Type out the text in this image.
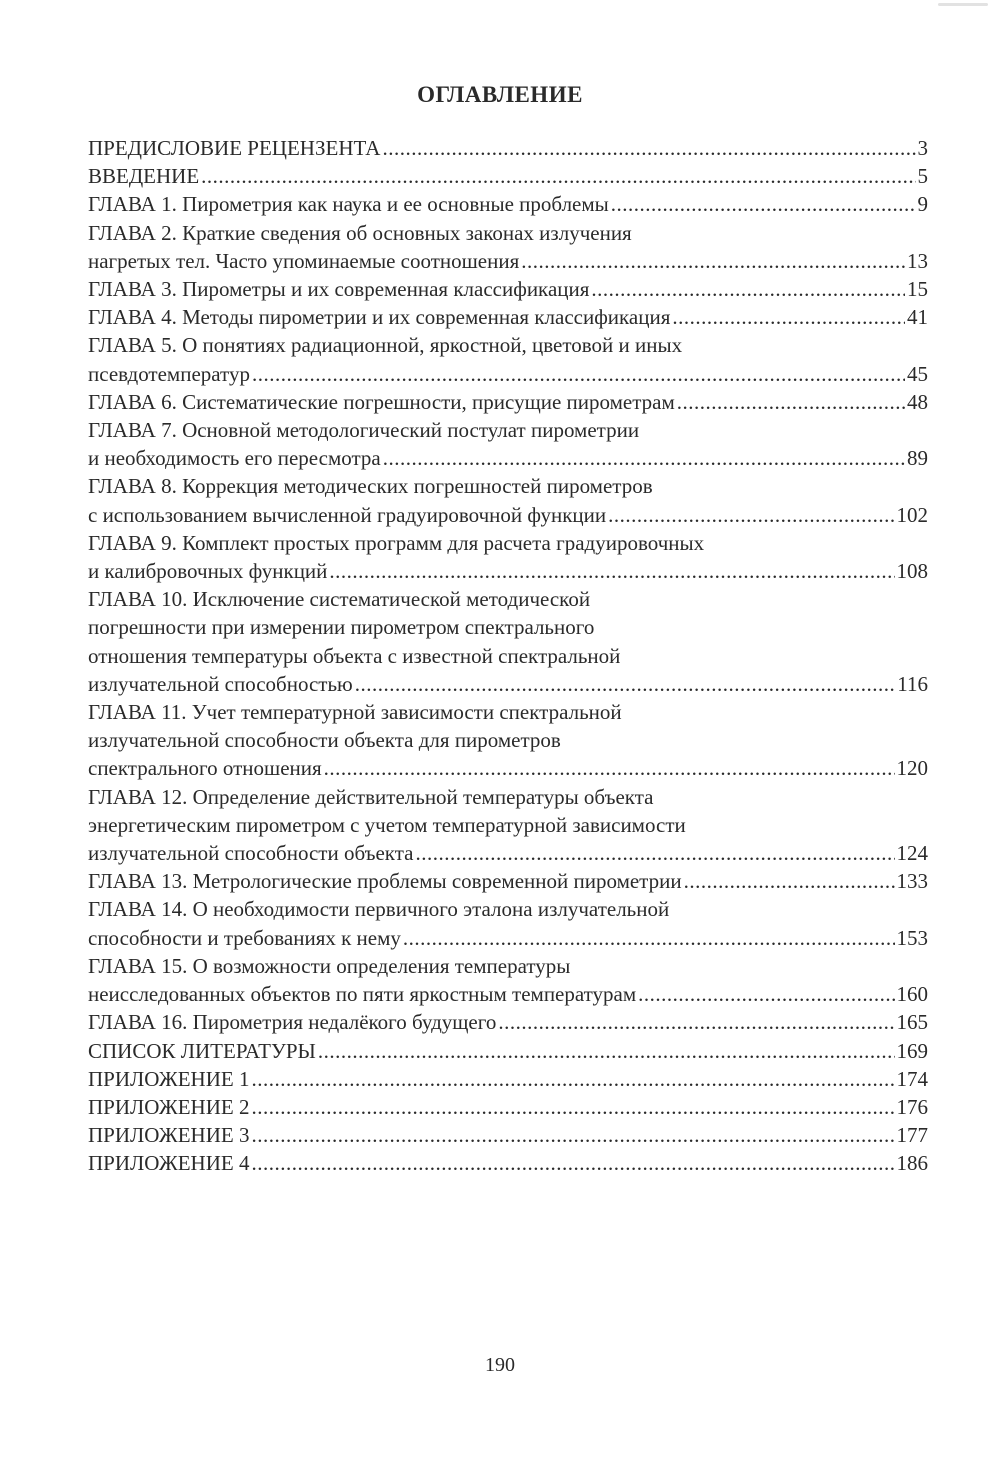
ОГЛАВЛЕНИЕ
ПРЕДИСЛОВИЕ РЕЦЕНЗЕНТА .....	3
ВВЕДЕНИЕ .....	5
ГЛАВА 1. Пирометрия как наука и ее основные проблемы .....	9
ГЛАВА 2. Краткие сведения об основных законах излучения
нагретых тел. Часто упоминаемые соотношения .....	13
ГЛАВА 3. Пирометры и их современная классификация .....	15
ГЛАВА 4. Методы пирометрии и их современная классификация .....	41
ГЛАВА 5. О понятиях радиационной, яркостной, цветовой и иных
псевдотемператур .....	45
ГЛАВА 6. Систематические погрешности, присущие пирометрам .....	48
ГЛАВА 7. Основной методологический постулат пирометрии
и необходимость его пересмотра .....	89
ГЛАВА 8. Коррекция методических погрешностей пирометров
с использованием вычисленной градуировочной функции .....	102
ГЛАВА 9. Комплект простых программ для расчета градуировочных
и калибровочных функций .....	108
ГЛАВА 10. Исключение систематической методической
погрешности при измерении пирометром спектрального
отношения температуры объекта с известной спектральной
излучательной способностью .....	116
ГЛАВА 11. Учет температурной зависимости спектральной
излучательной способности объекта для пирометров
спектрального отношения .....	120
ГЛАВА 12. Определение действительной температуры объекта
энергетическим пирометром с учетом температурной зависимости
излучательной способности объекта .....	124
ГЛАВА 13. Метрологические проблемы современной пирометрии .....	133
ГЛАВА 14. О необходимости первичного эталона излучательной
способности и требованиях к нему .....	153
ГЛАВА 15. О возможности определения температуры
неисследованных объектов по пяти яркостным температурам .....	160
ГЛАВА 16. Пирометрия недалёкого будущего .....	165
СПИСОК ЛИТЕРАТУРЫ .....	169
ПРИЛОЖЕНИЕ 1 .....	174
ПРИЛОЖЕНИЕ 2 .....	176
ПРИЛОЖЕНИЕ 3 .....	177
ПРИЛОЖЕНИЕ 4 .....	186
190
